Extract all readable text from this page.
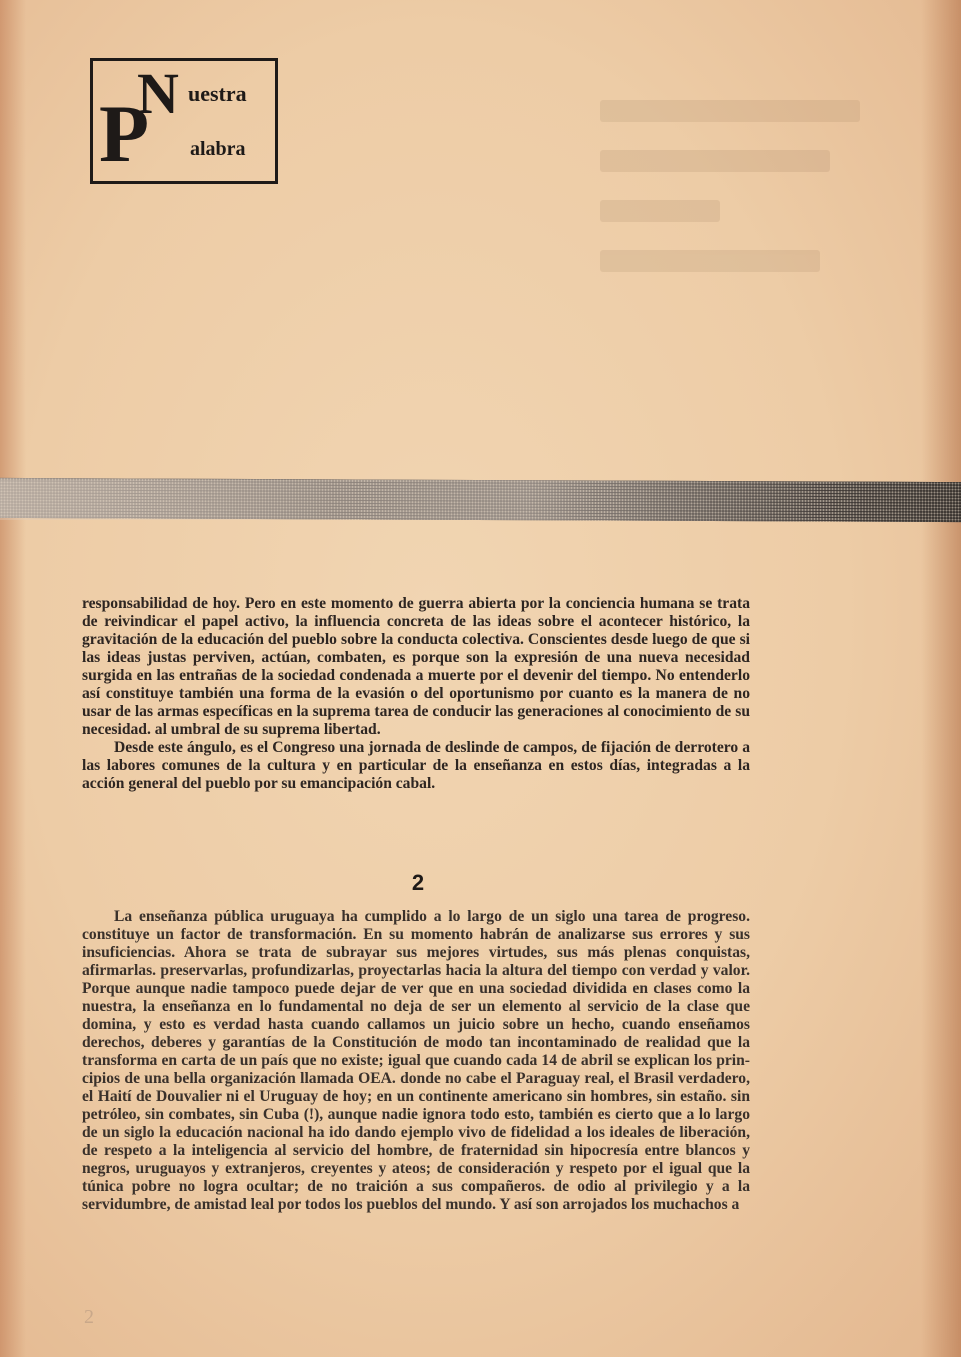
P
N uestra
alabra

responsabilidad de hoy. Pero en este momento de guerra abierta por la conciencia humana se trata de reivindicar el papel activo, la influencia concreta de las ideas sobre el acontecer histórico, la gravitación de la educación del pueblo sobre la conducta colectiva. Conscientes desde luego de que si las ideas justas perviven, actúan, combaten, es porque son la expresión de una nueva necesidad surgida en las entrañas de la sociedad condenada a muerte por el devenir del tiempo. No entenderlo así constituye también una forma de la evasión o del oportunismo por cuanto es la manera de no usar de las armas específicas en la suprema tarea de conducir las generaciones al conocimiento de su necesidad. al umbral de su suprema libertad.

Desde este ángulo, es el Congreso una jornada de deslinde de campos, de fijación de derrotero a las labores comunes de la cultura y en particular de la enseñanza en estos días, integradas a la acción general del pueblo por su emancipación cabal.

2

La enseñanza pública uruguaya ha cumplido a lo largo de un siglo una tarea de progreso. constituye un factor de transformación. En su momento habrán de analizarse sus errores y sus insuficiencias. Ahora se trata de subrayar sus mejores virtudes, sus más plenas conquistas, afirmarlas. preservarlas, profundizarlas, proyectarlas hacia la altura del tiempo con verdad y valor. Porque aunque nadie tampoco puede dejar de ver que en una sociedad dividida en clases como la nuestra, la enseñanza en lo fundamental no deja de ser un elemento al servicio de la clase que domina, y esto es verdad hasta cuando callamos un juicio sobre un hecho, cuando enseñamos derechos, deberes y garantías de la Constitución de modo tan incontaminado de realidad que la transforma en carta de un país que no existe; igual que cuando cada 14 de abril se explican los principios de una bella organización llamada OEA. donde no cabe el Paraguay real, el Brasil verdadero, el Haití de Douvalier ni el Uruguay de hoy; en un continente americano sin hombres, sin estaño. sin petróleo, sin combates, sin Cuba (!), aunque nadie ignora todo esto, también es cierto que a lo largo de un siglo la educación nacional ha ido dando ejemplo vivo de fidelidad a los ideales de liberación, de respeto a la inteligencia al servicio del hombre, de fraternidad sin hipocresía entre blancos y negros, uruguayos y extranjeros, creyentes y ateos; de consideración y respeto por el igual que la túnica pobre no logra ocultar; de no traición a sus compañeros. de odio al privilegio y a la servidumbre, de amistad leal por todos los pueblos del mundo. Y así son arrojados los muchachos a

2
